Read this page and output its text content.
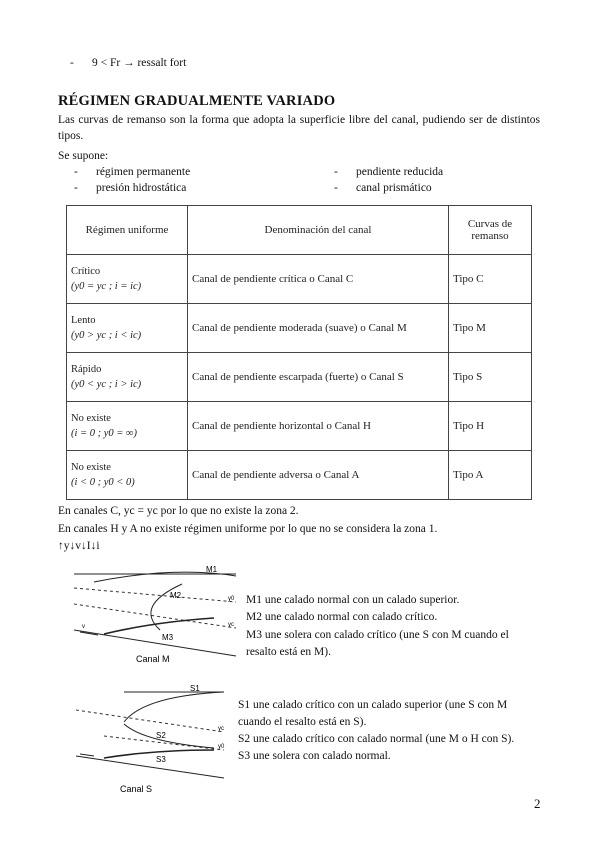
- 9 < Fr → ressalt fort
RÉGIMEN GRADUALMENTE VARIADO
Las curvas de remanso son la forma que adopta la superficie libre del canal, pudiendo ser de distintos tipos.
Se supone:
- régimen permanente
- presión hidrostática
- pendiente reducida
- canal prismático
Régimen uniforme	Denominación del canal	Curvas de remanso

Crítico
(y0 = yc ; i = ic)	Canal de pendiente crítica o Canal C	Tipo C

Lento
(y0 > yc ; i < ic)	Canal de pendiente moderada (suave) o Canal M	Tipo M

Rápido
(y0 < yc ; i > ic)	Canal de pendiente escarpada (fuerte) o Canal S	Tipo S

No existe
(i = 0 ; y0 = ∞)	Canal de pendiente horizontal o Canal H	Tipo H

No existe
(i < 0 ; y0 < 0)	Canal de pendiente adversa o Canal A	Tipo A
En canales C, yc = yc por lo que no existe la zona 2.
En canales H y A no existe régimen uniforme por lo que no se considera la zona 1.
↑y↓v↓I↓i
M1
M2
M3
y0
yc
v
Canal M
M1 une calado normal con un calado superior.
M2 une calado normal con calado crítico.
M3 une solera con calado crítico (une S con M cuando el
resalto está en M).
S1
S2
S3
yc
y0
Canal S
S1 une calado crítico con un calado superior (une S con M
cuando el resalto está en S).
S2 une calado crítico con calado normal (une M o H con S).
S3 une solera con calado normal.
2
